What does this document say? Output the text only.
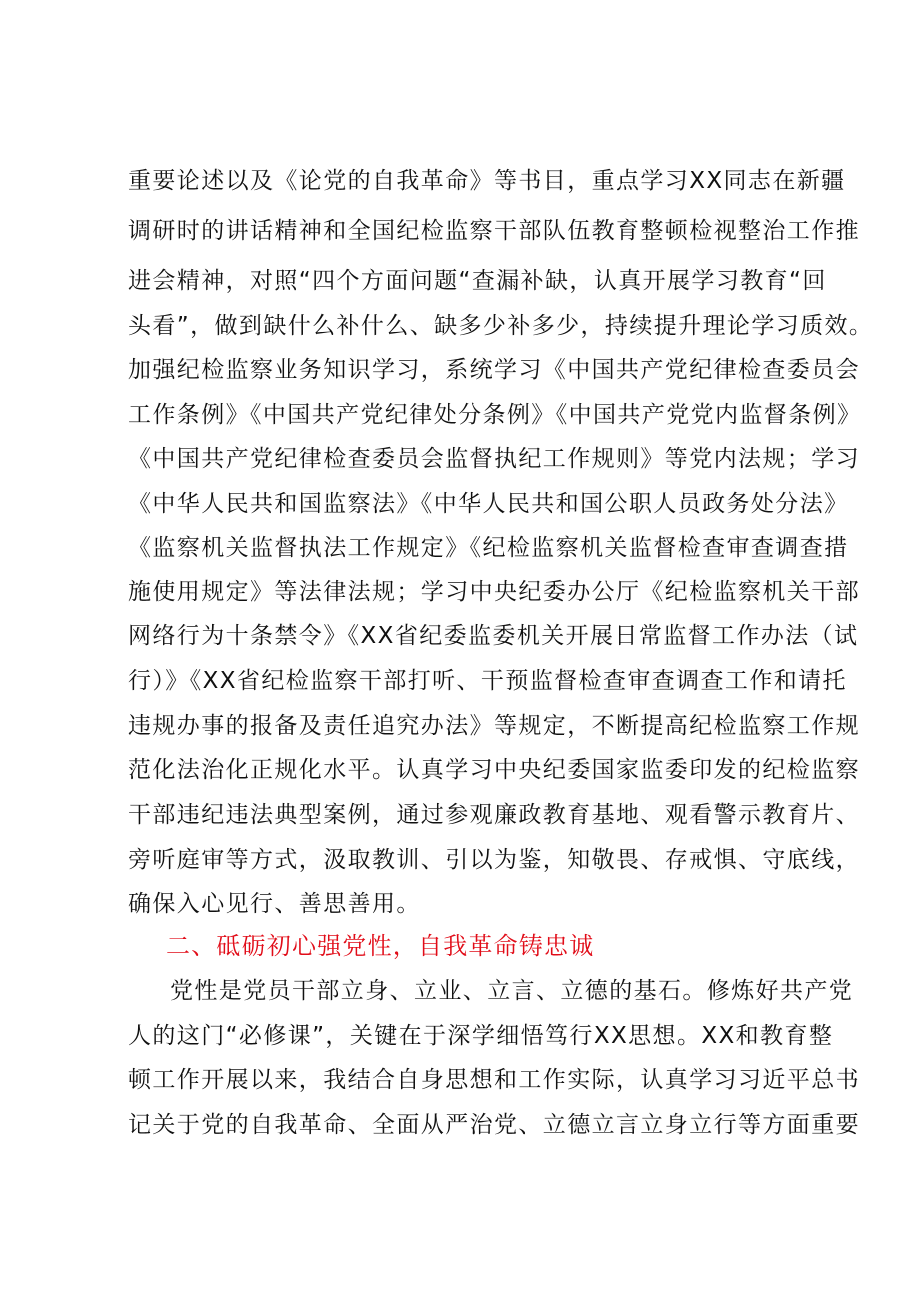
重要论述以及《论党的自我革命》等书目，重点学习XX同志在新疆
调研时的讲话精神和全国纪检监察干部队伍教育整顿检视整治工作推
进会精神，对照“四个方面问题“查漏补缺，认真开展学习教育“回
头看”，做到缺什么补什么、缺多少补多少，持续提升理论学习质效。
加强纪检监察业务知识学习，系统学习《中国共产党纪律检查委员会
工作条例》《中国共产党纪律处分条例》《中国共产党党内监督条例》
《中国共产党纪律检查委员会监督执纪工作规则》等党内法规；学习
《中华人民共和国监察法》《中华人民共和国公职人员政务处分法》
《监察机关监督执法工作规定》《纪检监察机关监督检查审查调查措
施使用规定》等法律法规；学习中央纪委办公厅《纪检监察机关干部
网络行为十条禁令》《XX省纪委监委机关开展日常监督工作办法（试
行）》《XX省纪检监察干部打听、干预监督检查审查调查工作和请托
违规办事的报备及责任追究办法》等规定，不断提高纪检监察工作规
范化法治化正规化水平。认真学习中央纪委国家监委印发的纪检监察
干部违纪违法典型案例，通过参观廉政教育基地、观看警示教育片、
旁听庭审等方式，汲取教训、引以为鉴，知敬畏、存戒惧、守底线，
确保入心见行、善思善用。
二、砥砺初心强党性，自我革命铸忠诚
党性是党员干部立身、立业、立言、立德的基石。修炼好共产党
人的这门“必修课”，关键在于深学细悟笃行XX思想。XX和教育整
顿工作开展以来，我结合自身思想和工作实际，认真学习习近平总书
记关于党的自我革命、全面从严治党、立德立言立身立行等方面重要
